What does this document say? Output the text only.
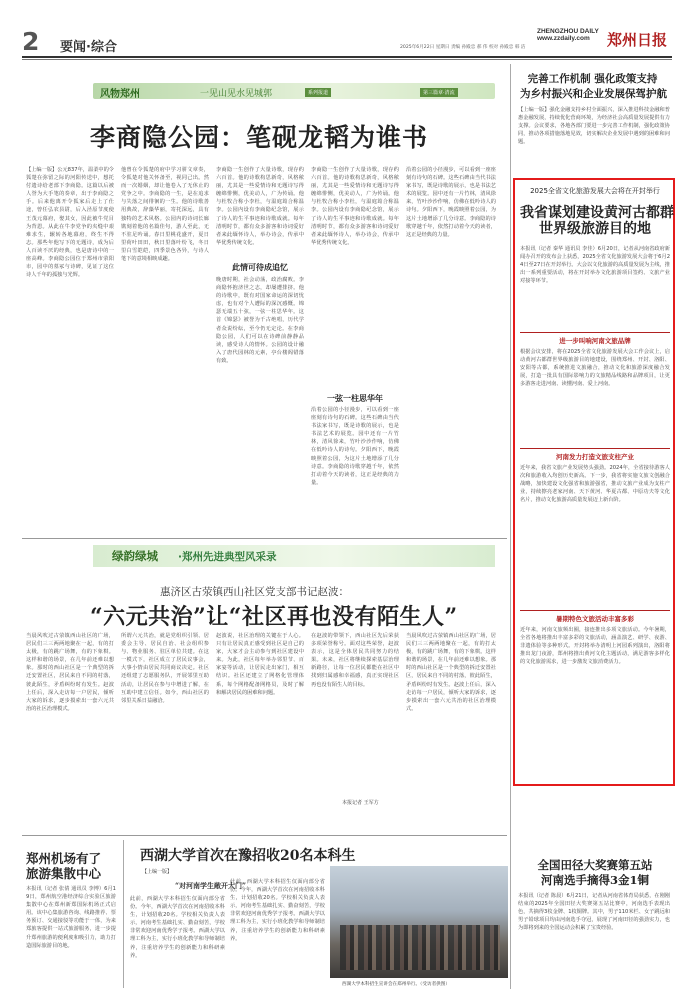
2 要闻·综合	2025年6月22日 星期日 责编 孙殿忠 郝 伟 校对 孙殿忠 韩 洁
ZHENGZHOU DAILY
www.zzdaily.com	郑州日报
风物郑州	一见山见水见城郭	系列报道	第三篇章·清流
李商隐公园：笔砚龙韬为谁书
【上编一版】公元837年，温柔中的令狐楚在弥留之际的河阳传送中，想托付遗诗给老部下李商隐。这篇以后被人誉为大手笔的奏章，出于李商隐之手。后来他离开令狐家后走上了仕途，曾任弘农县尉，后入泾原节度使王茂元幕府，娶其女，因此被牛党目为背恩。从此在牛李党争的夹缝中艰难求生，辗转各地幕府，终生不得志。那些年他写下的无题诗，成为后人百读不厌的经典，也是唐诗中的一座高峰。李商隐公园位于郑州市荥阳市，园中的墓冢与诗碑，见证了这位诗人千年的孤独与光辉。
他曾在令狐楚的府中学习骈文章奏，令狐楚对他关怀备至，视同己出。然而一次婚姻，却让他卷入了无休止的党争之中。李商隐的一生，是在追求与失落之间徘徊的一生。他的诗歌善用典故，辞藻华丽，寄托深远，具有独特的艺术风格。公园内的诗词长廊镌刻着他的名篇佳句，游人至此，无不驻足吟诵。春日里桃花盛开，夏日里荷叶田田，秋日里落叶纷飞，冬日里白雪皑皑，四季景色各异，与诗人笔下的意境相映成趣。
此情可待成追忆
李商隐一生创作了大量诗歌，现存约六百首。他的诗歌构思新奇，风格秾丽，尤其是一些爱情诗和无题诗写得缠绵悱恻，优美动人，广为传诵。他与杜牧合称小李杜，与温庭筠合称温李。公园内设有李商隐纪念馆，展示了诗人的生平事迹和诗歌成就。每年清明时节，都有众多游客和诗词爱好者来此缅怀诗人，举办诗会，传承中华优秀传统文化。
晚唐时期，社会动荡，政治腐败。李商隐怀抱济世之志，却屡遭排挤。他的诗歌中，既有对国家命运的深切忧虑，也有对个人遭际的深沉感慨。锦瑟无端五十弦，一弦一柱思华年。这首《锦瑟》被誉为千古绝唱，历代学者众说纷纭，至今仍无定论。在李商隐公园，人们可以在诗碑前静静品读，感受诗人的情怀。公园的设计融入了唐代园林的元素，亭台楼阁错落有致。
一弦一柱思华年
李商隐一生创作了大量诗歌，现存约六百首。他的诗歌构思新奇，风格秾丽，尤其是一些爱情诗和无题诗写得缠绵悱恻，优美动人，广为传诵。他与杜牧合称小李杜，与温庭筠合称温李。公园内设有李商隐纪念馆，展示了诗人的生平事迹和诗歌成就。每年清明时节，都有众多游客和诗词爱好者来此缅怀诗人，举办诗会，传承中华优秀传统文化。
沿着公园的小径漫步，可以看到一座座刻有诗句的石碑。这些石碑由当代书法家书写，既是诗歌的展示，也是书法艺术的展览。园中还有一片竹林，清风徐来，竹叶沙沙作响，仿佛在低吟诗人的诗句。夕阳西下，晚霞映照着公园，为这片土地增添了几分诗意。李商隐的诗歌穿越千年，依然打动着今天的读者，这正是经典的力量。
沿着公园的小径漫步，可以看到一座座刻有诗句的石碑。这些石碑由当代书法家书写，既是诗歌的展示，也是书法艺术的展览。园中还有一片竹林，清风徐来，竹叶沙沙作响，仿佛在低吟诗人的诗句。夕阳西下，晚霞映照着公园，为这片土地增添了几分诗意。李商隐的诗歌穿越千年，依然打动着今天的读者，这正是经典的力量。
绿韵绿城 ·郑州先进典型风采录
惠济区古荥镇西山社区党支部书记赵波：
“六元共治”让“社区再也没有陌生人”
当晨风吹过古荥镇西山社区的广场，居民们三三两两地聚在一起，有的打太极，有的跳广场舞，有的下象棋。这样和谐的场景，在几年前还难以想象。那时的西山社区是一个典型的拆迁安置社区，居民来自不同的村落，彼此陌生，矛盾纠纷时有发生。赵波上任后，深入走访每一户居民，倾听大家的诉求，逐步摸索出一套六元共治的社区治理模式。
所谓六元共治，就是党组织引领、居委会主导、居民自治、社会组织参与、物业服务、驻区单位共建。在这一模式下，社区成立了居民议事会，大事小情由居民共同商议决定。社区还组建了志愿服务队，开展邻里互助活动，让居民在参与中增进了解，在互助中建立信任。如今，西山社区的邻里关系日益融洽。
赵波说，社区治理的关键在于人心。只有让居民真正感受到社区是自己的家，大家才会主动参与到社区建设中来。为此，社区每年举办邻里节、百家宴等活动，让居民走出家门，相互结识。社区还建立了网格化管理体系，每个网格配备网格员，及时了解和解决居民的困难和问题。
在赵波的带领下，西山社区先后荣获多项荣誉称号。面对这些荣誉，赵波表示，这是全体居民共同努力的结果。未来，社区将继续探索基层治理新路径，让每一位居民都能在社区中找到归属感和幸福感，真正实现社区再也没有陌生人的目标。
当晨风吹过古荥镇西山社区的广场，居民们三三两两地聚在一起，有的打太极，有的跳广场舞，有的下象棋。这样和谐的场景，在几年前还难以想象。那时的西山社区是一个典型的拆迁安置社区，居民来自不同的村落，彼此陌生，矛盾纠纷时有发生。赵波上任后，深入走访每一户居民，倾听大家的诉求，逐步摸索出一套六元共治的社区治理模式。
本报记者 王军方
郑州机场有了
旅游集散中心
本报讯（记者 张倩 通讯员 李博）6月19日，郑州航空港经济综合实验区旅游集散中心在郑州新郑国际机场正式启用。该中心集旅游咨询、线路推荐、票务预订、交通接驳等功能于一体，为来郑旅客提供一站式旅游服务，进一步提升郑州旅游的便利度和吸引力，助力打造国际旅游目的地。
西湖大学首次在豫招收20名本科生
【上编一版】
“对河南学生敞开大门”
此前，西湖大学本科招生仅面向部分省份。今年，西湖大学首次在河南招收本科生，计划招收20名。学校相关负责人表示，河南考生基础扎实、勤奋刻苦，学校非常欢迎河南优秀学子报考。西湖大学以理工科为主，实行小班化教学和导师制培养，注重培养学生的创新能力和科研素养。
此前，西湖大学本科招生仅面向部分省份。今年，西湖大学首次在河南招收本科生，计划招收20名。学校相关负责人表示，河南考生基础扎实、勤奋刻苦，学校非常欢迎河南优秀学子报考。西湖大学以理工科为主，实行小班化教学和导师制培养，注重培养学生的创新能力和科研素养。
西湖大学本科招生宣讲会在郑州举行。（受访者供图）
完善工作机制 强化政策支持
为乡村振兴和企业发展保驾护航
【上编一版】强化金融支持乡村全面振兴，深入推进科技金融和普惠金融发展，持续优化营商环境，为经济社会高质量发展提供有力支撑。会议要求，各地各部门要进一步完善工作机制，强化政策协同，推动各项措施落地见效，切实解决企业发展中遇到的困难和问题。
2025全省文化旅游发展大会将在开封举行
我省谋划建设黄河古都群
世界级旅游目的地
本报讯（记者 秦华 通讯员 李佳）6月20日，记者从河南省政府新闻办召开的发布会上获悉，2025全省文化旅游发展大会将于6月24日至27日在开封举行。大会以文化旅游的高质量发展为主线，推出一系列重要活动，将在开封举办文化旅游项目签约、文旅产业对接等环节。
进一步叫响河南文旅品牌
根据会议安排，将在2025全省文化旅游发展大会工作会议上，启动黄河古都群世界级旅游目的地建设，围绕郑州、开封、洛阳、安阳等古都，系统推进文旅融合，推动文化和旅游深度融合发展，打造一批具有国际影响力的文旅精品线路和品牌项目，让更多游客走进河南、读懂河南、爱上河南。
河南发力打造文旅支柱产业
近年来，我省文旅产业发展势头强劲。2024年，全省接待游客人次和旅游收入均创历史新高。下一步，我省将实施文旅文创融合战略，加快建设文化强省和旅游强省，推动文旅产业成为支柱产业，持续擦亮老家河南、天下黄河、华夏古都、中原功夫等文化名片，推动文化旅游高质量发展迈上新台阶。
暑期特色文旅活动丰富多彩
近年来，河南文旅频出圈，接连推出多项文旅活动。今年暑期，全省各地将推出丰富多彩的文旅活动，涵盖演艺、研学、夜游、非遗体验等多种形式。开封将举办清明上河园系列演出，洛阳将推出龙门夜游，郑州将推出黄河文化主题活动，满足游客多样化的文化旅游需求，进一步激发文旅消费活力。
全国田径大奖赛第五站
河南选手摘得3金1铜
本报讯（记者 陈晨）6月21日，记者从河南省体育局获悉，在刚刚结束的2025年全国田径大奖赛第五站比赛中，河南选手表现出色，共摘得3枚金牌、1枚铜牌。其中，男子110米栏、女子跳远和男子铅球项目均由河南选手夺冠，展现了河南田径的强劲实力，也为即将到来的全国运动会积累了宝贵经验。
